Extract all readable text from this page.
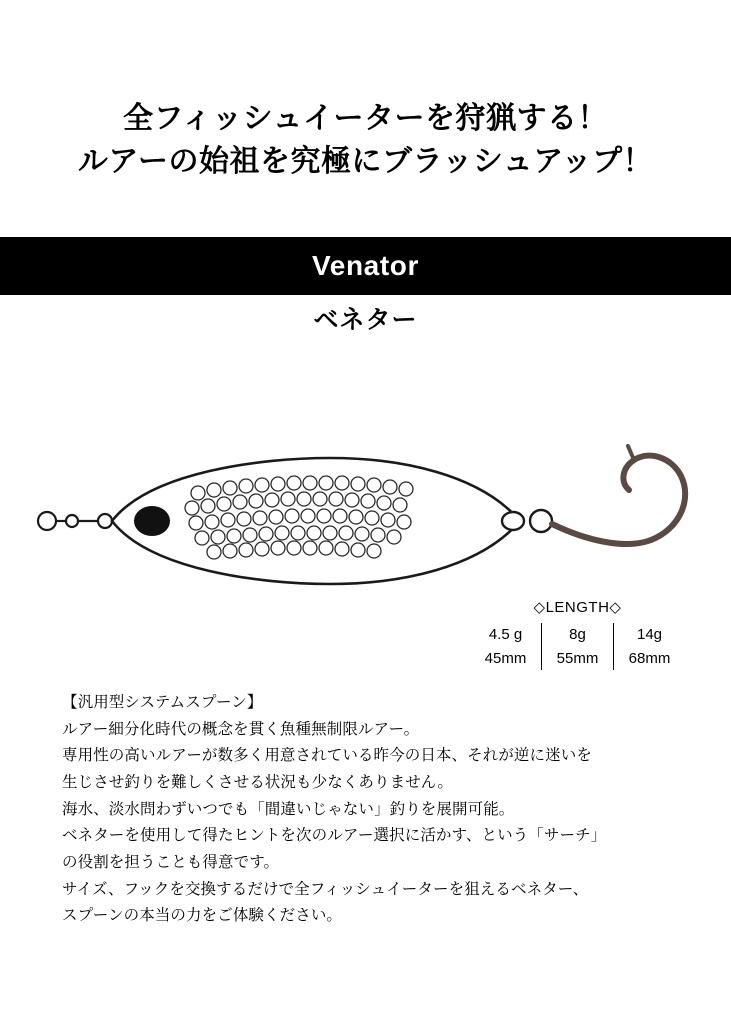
全フィッシュイーターを狩猟する！
ルアーの始祖を究極にブラッシュアップ！
Venator
ベネター
◇LENGTH◇
4.5 g
45mm
8g
55mm
14g
68mm

【汎用型システムスプーン】

ルアー細分化時代の概念を貫く魚種無制限ルアー。

専用性の高いルアーが数多く用意されている昨今の日本、それが逆に迷いを

生じさせ釣りを難しくさせる状況も少なくありません。

海水、淡水問わずいつでも「間違いじゃない」釣りを展開可能。

ベネターを使用して得たヒントを次のルアー選択に活かす、という「サーチ」

の役割を担うことも得意です。

サイズ、フックを交換するだけで全フィッシュイーターを狙えるベネター、

スプーンの本当の力をご体験ください。
